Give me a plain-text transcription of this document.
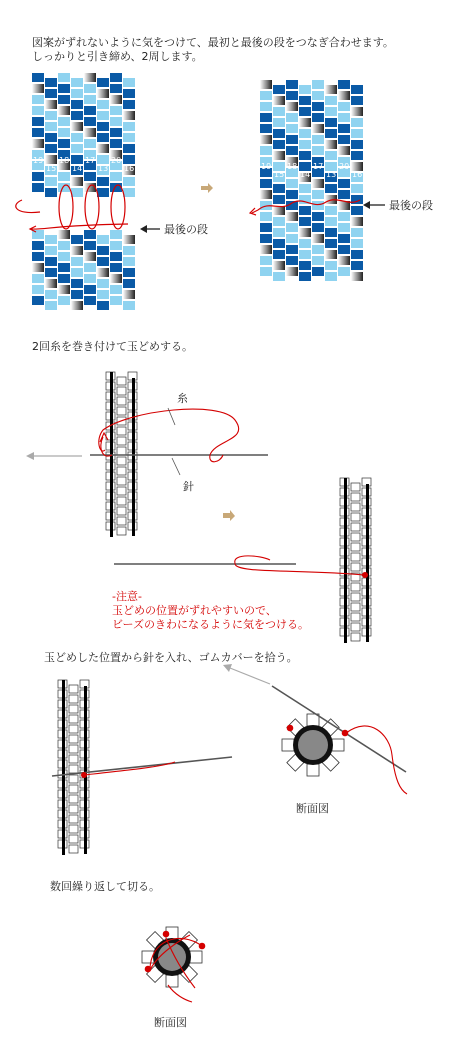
図案がずれないように気をつけて、最初と最後の段をつなぎ合わせます。
しっかりと引き締め、2周します。
19
15
18
14
17
13
20
16	19
15
18
14
17
13
20
16
最後の段
最後の段
糸
針
断面図
断面図
2回糸を巻き付けて玉どめする。
-注意-
玉どめの位置がずれやすいので、
ビーズのきわになるように気をつける。
玉どめした位置から針を入れ、ゴムカバーを拾う。
数回繰り返して切る。
